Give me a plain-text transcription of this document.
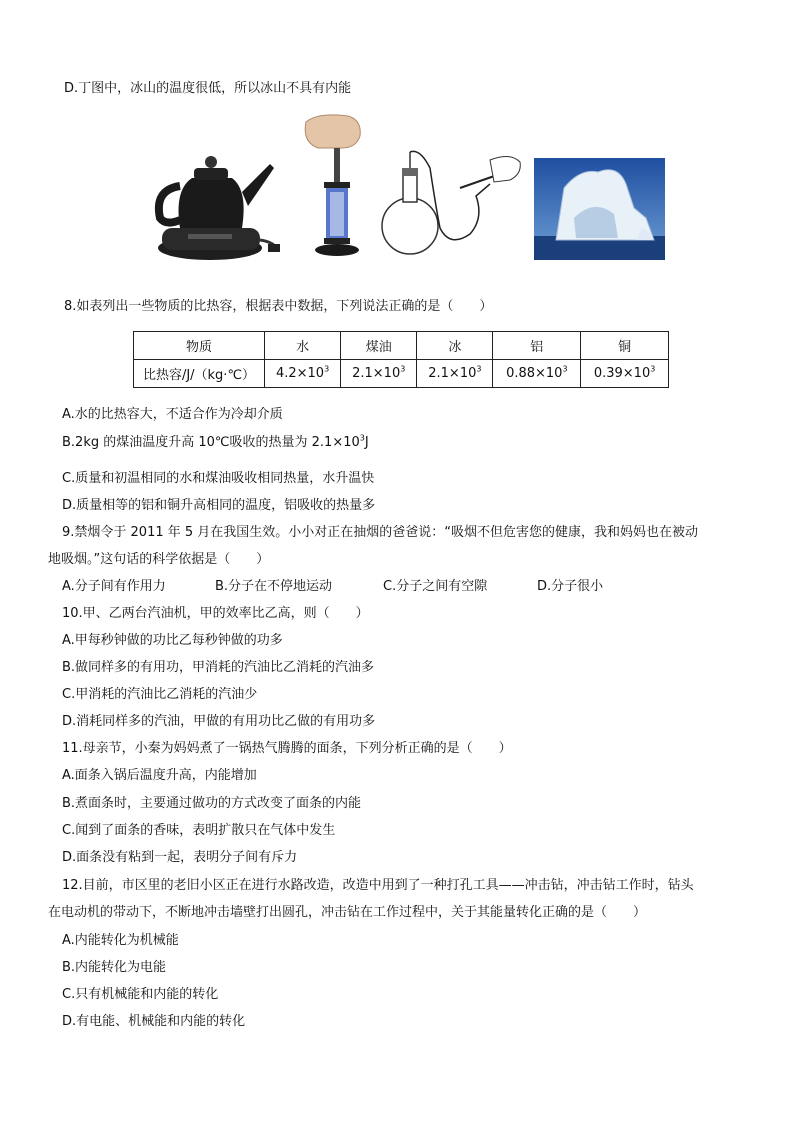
D.丁图中，冰山的温度很低，所以冰山不具有内能
8.如表列出一些物质的比热容，根据表中数据，下列说法正确的是（　　）
物质	水	煤油	冰	铝	铜
比热容/J/（kg·℃）	$4.2\times 10^3$	$2.1\times 10^3$	$2.1\times 10^3$	$0.88\times 10^3$	$0.39\times 10^3$
A.水的比热容大，不适合作为冷却介质
B.2kg 的煤油温度升高 10℃吸收的热量为 $2.1\times 10^3J$
C.质量和初温相同的水和煤油吸收相同热量，水升温快
D.质量相等的铝和铜升高相同的温度，铝吸收的热量多
9.禁烟令于 2011 年 5 月在我国生效。小小对正在抽烟的爸爸说：“吸烟不但危害您的健康，我和妈妈也在被动
地吸烟。”这句话的科学依据是（　　）
A.分子间有作用力	B.分子在不停地运动	C.分子之间有空隙	D.分子很小
10.甲、乙两台汽油机，甲的效率比乙高，则（　　）
A.甲每秒钟做的功比乙每秒钟做的功多
B.做同样多的有用功，甲消耗的汽油比乙消耗的汽油多
C.甲消耗的汽油比乙消耗的汽油少
D.消耗同样多的汽油，甲做的有用功比乙做的有用功多
11.母亲节，小秦为妈妈煮了一锅热气腾腾的面条，下列分析正确的是（　　）
A.面条入锅后温度升高，内能增加
B.煮面条时，主要通过做功的方式改变了面条的内能
C.闻到了面条的香味，表明扩散只在气体中发生
D.面条没有粘到一起，表明分子间有斥力
12.目前，市区里的老旧小区正在进行水路改造，改造中用到了一种打孔工具——冲击钻，冲击钻工作时，钻头
在电动机的带动下，不断地冲击墙壁打出圆孔，冲击钻在工作过程中，关于其能量转化正确的是（　　）
A.内能转化为机械能
B.内能转化为电能
C.只有机械能和内能的转化
D.有电能、机械能和内能的转化
